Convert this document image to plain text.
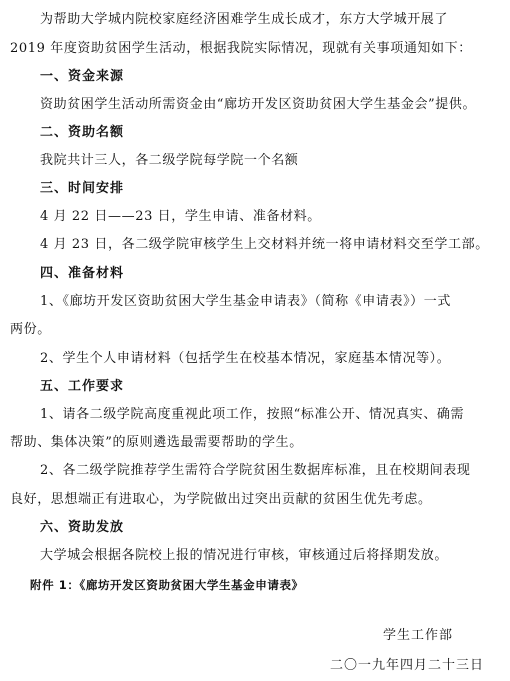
为帮助大学城内院校家庭经济困难学生成长成才，东方大学城开展了
2019 年度资助贫困学生活动，根据我院实际情况，现就有关事项通知如下：
一、资金来源
资助贫困学生活动所需资金由“廊坊开发区资助贫困大学生基金会”提供。
二、资助名额
我院共计三人，各二级学院每学院一个名额
三、时间安排
4 月 22 日——23 日，学生申请、准备材料。
4 月 23 日，各二级学院审核学生上交材料并统一将申请材料交至学工部。
四、准备材料
1、《廊坊开发区资助贫困大学生基金申请表》（简称《申请表》）一式
两份。
2、学生个人申请材料（包括学生在校基本情况，家庭基本情况等）。
五、工作要求
1、请各二级学院高度重视此项工作，按照“标准公开、情况真实、确需
帮助、集体决策”的原则遴选最需要帮助的学生。
2、各二级学院推荐学生需符合学院贫困生数据库标准，且在校期间表现
良好，思想端正有进取心，为学院做出过突出贡献的贫困生优先考虑。
六、资助发放
大学城会根据各院校上报的情况进行审核，审核通过后将择期发放。
附件 1：《廊坊开发区资助贫困大学生基金申请表》
学生工作部
二〇一九年四月二十三日
